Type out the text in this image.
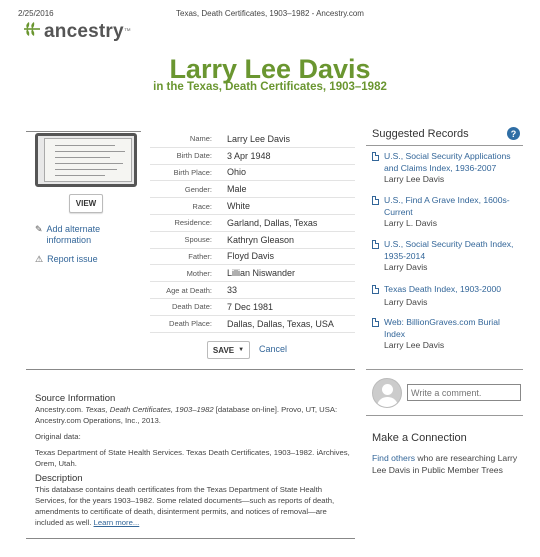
2/25/2016	Texas, Death Certificates, 1903–1982 - Ancestry.com
ancestry ™
Larry Lee Davis
in the Texas, Death Certificates, 1903–1982
VIEW
✎ Add alternate
information
⚠ Report issue
Name:	Larry Lee Davis
Birth Date:	3 Apr 1948
Birth Place:	Ohio
Gender:	Male
Race:	White
Residence:	Garland, Dallas, Texas
Spouse:	Kathryn Gleason
Father:	Floyd Davis
Mother:	Lillian Niswander
Age at Death:	33
Death Date:	7 Dec 1981
Death Place:	Dallas, Dallas, Texas, USA
SAVE ▼ Cancel
Suggested Records	?
U.S., Social Security Applications
and Claims Index, 1936-2007
Larry Lee Davis
U.S., Find A Grave Index, 1600s-
Current
Larry L. Davis
U.S., Social Security Death Index,
1935-2014
Larry Davis
Texas Death Index, 1903-2000
Larry Davis
Web: BillionGraves.com Burial
Index
Larry Lee Davis
Write a comment.
Make a Connection
Find others who are researching Larry Lee Davis in Public Member Trees
Source Information
Ancestry.com. Texas, Death Certificates, 1903–1982 [database on-line]. Provo, UT, USA: Ancestry.com Operations, Inc., 2013.
Original data:
Texas Department of State Health Services. Texas Death Certificates, 1903–1982. iArchives, Orem, Utah.
Description
This database contains death certificates from the Texas Department of State Health Services, for the years 1903–1982. Some related documents—such as reports of death, amendments to certificate of death, disinterment permits, and notices of removal—are included as well. Learn more...
